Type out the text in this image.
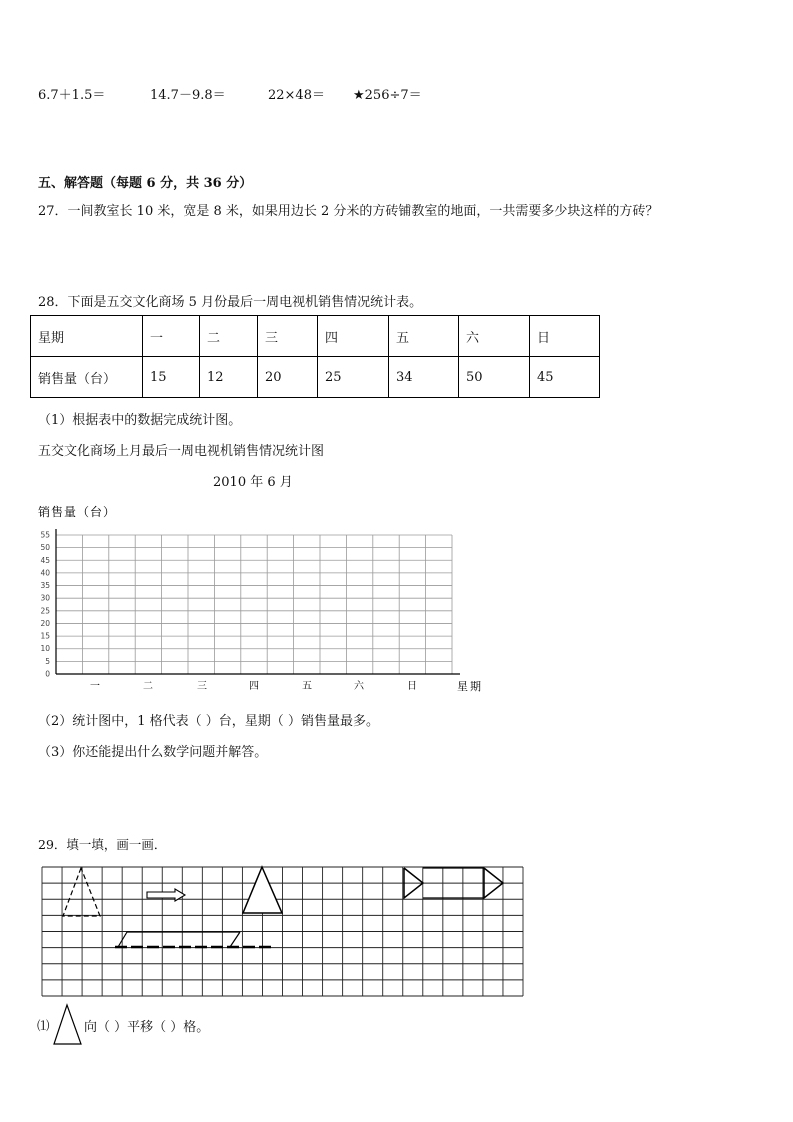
6.7＋1.5＝	14.7－9.8＝	22×48＝ ★256÷7＝
五、解答题（每题 6 分，共 36 分）
27．一间教室长 10 米，宽是 8 米，如果用边长 2 分米的方砖铺教室的地面，一共需要多少块这样的方砖？
28．下面是五交文化商场 5 月份最后一周电视机销售情况统计表。
星期	一	二	三	四	五	六	日
销售量（台）	15	12	20	25	34	50	45
（1）根据表中的数据完成统计图。
五交文化商场上月最后一周电视机销售情况统计图
2010 年 6 月
销售量（台）
0
5
10
15
20
25
30
35
40
45
50
55
一	二	三	四	五	六	日	星期
（2）统计图中，1 格代表（ ）台，星期（ ）销售量最多。
（3）你还能提出什么数学问题并解答。
29．填一填，画一画．
⑴	向（ ）平移（ ）格。
